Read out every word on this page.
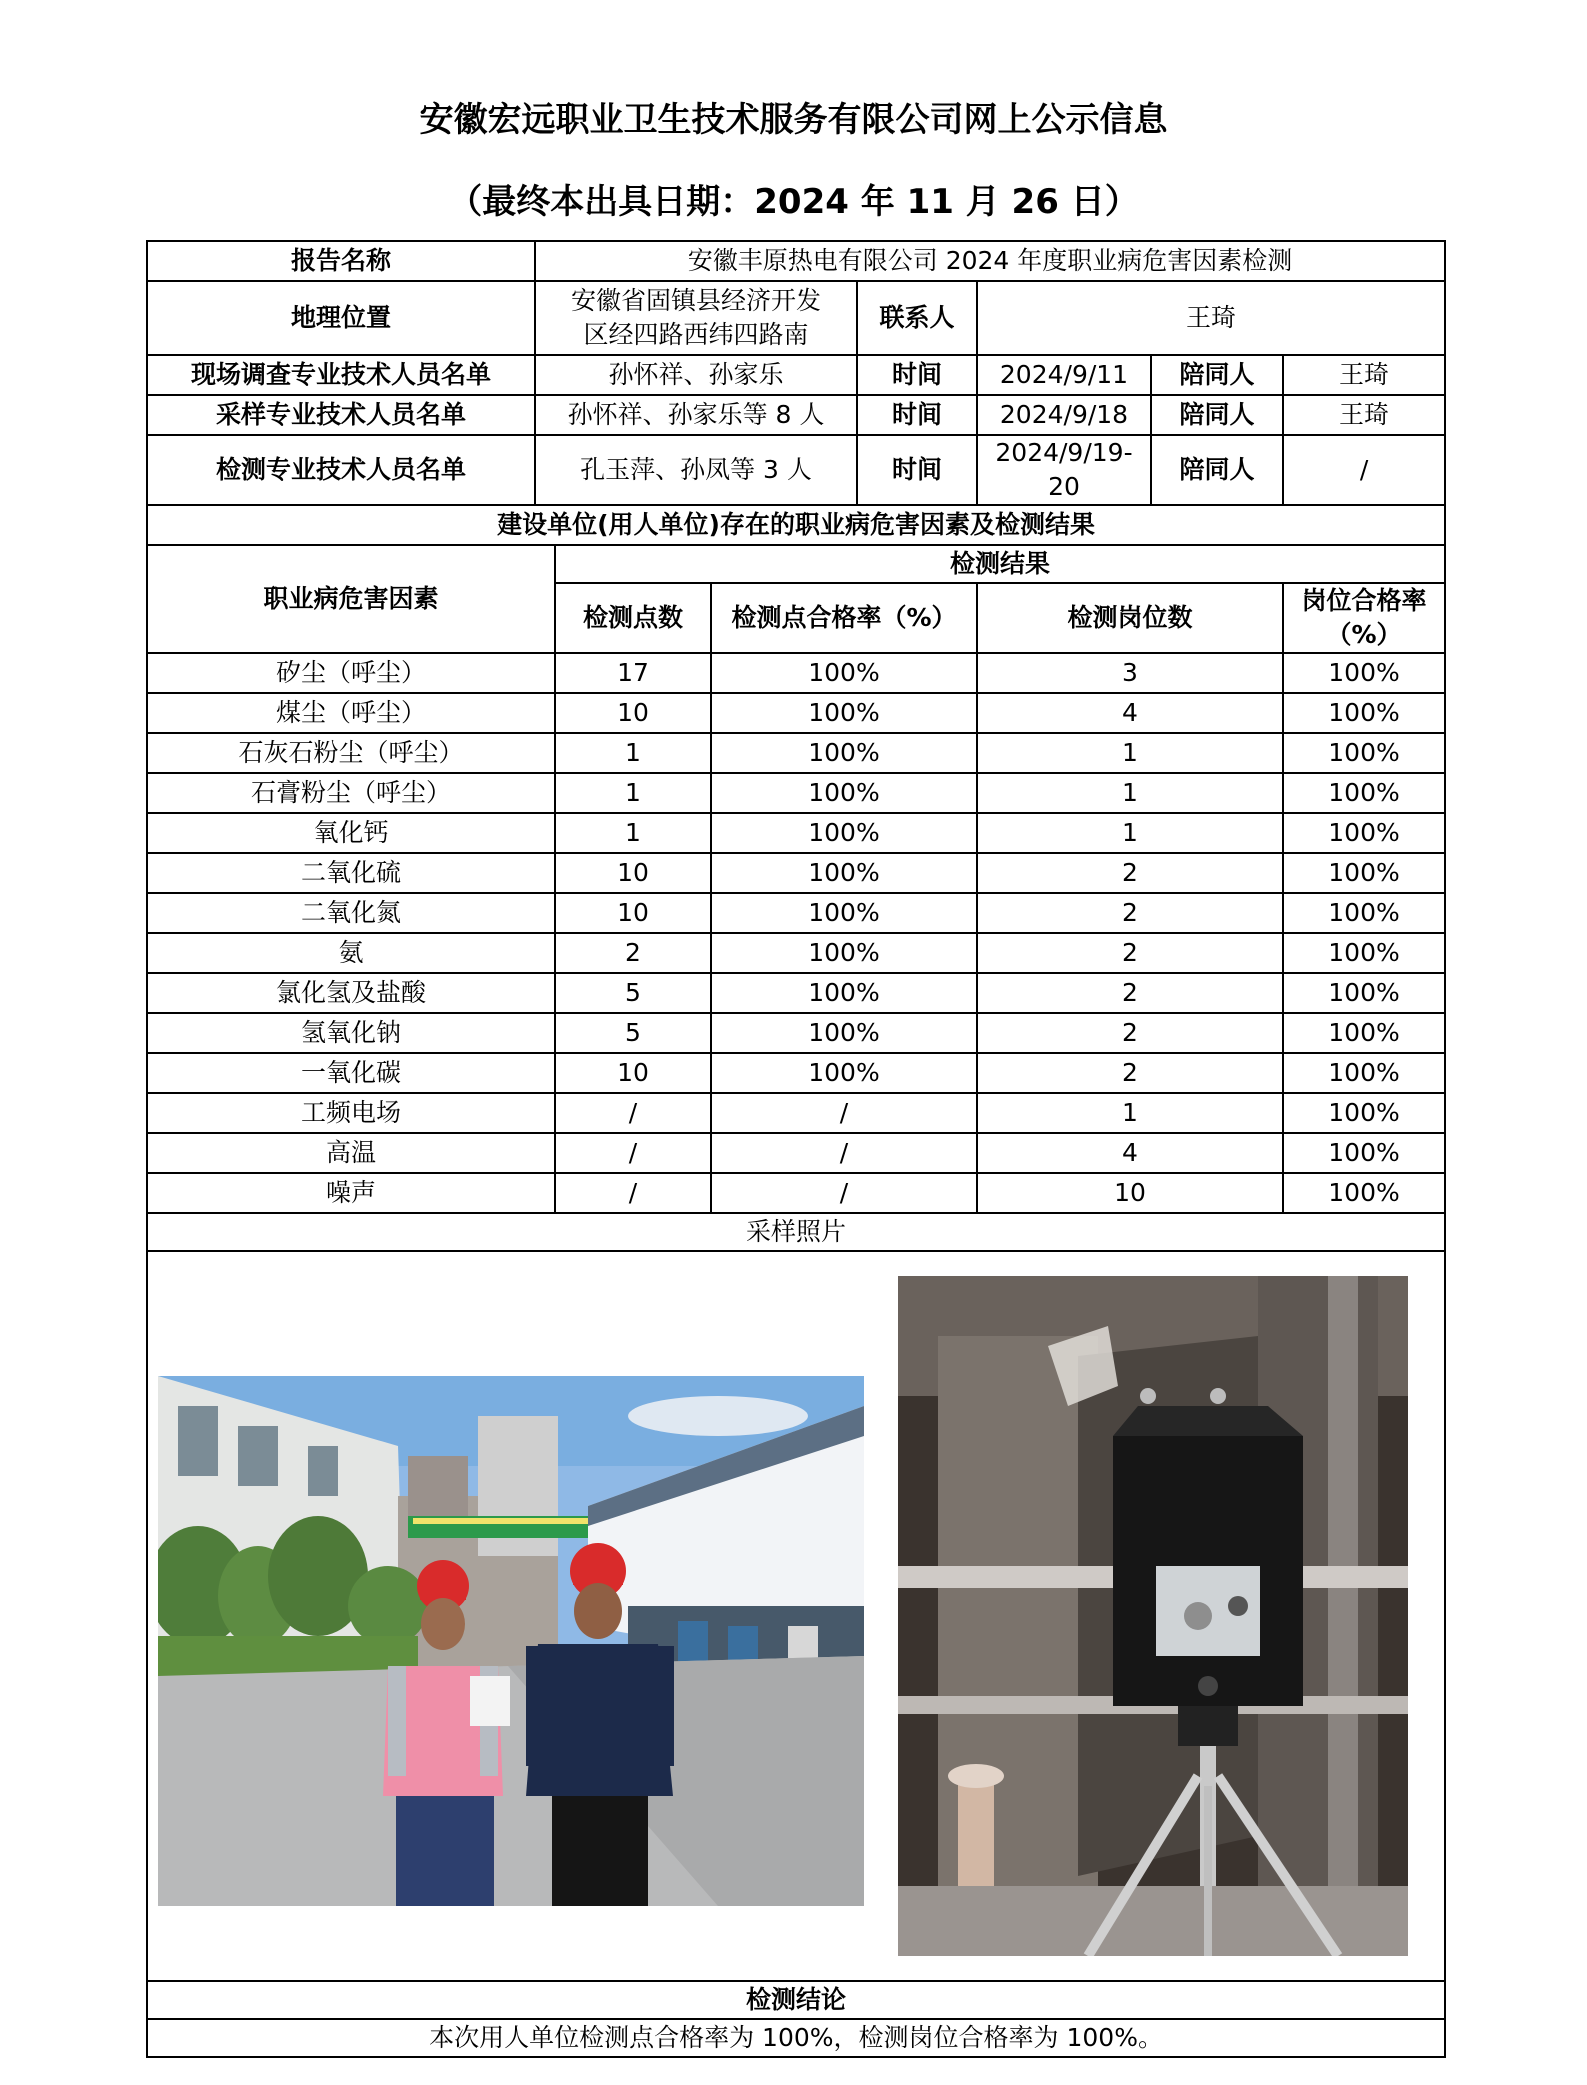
安徽宏远职业卫生技术服务有限公司网上公示信息
（最终本出具日期：2024 年 11 月 26 日）
报告名称	安徽丰原热电有限公司 2024 年度职业病危害因素检测						
地理位置	安徽省固镇县经济开发
区经四路西纬四路南			联系人	王琦		
现场调查专业技术人员名单	孙怀祥、孙家乐			时间	2024/9/11	陪同人	王琦
采样专业技术人员名单	孙怀祥、孙家乐等 8 人			时间	2024/9/18	陪同人	王琦
检测专业技术人员名单	孔玉萍、孙凤等 3 人			时间	2024/9/19-20	陪同人	/
建设单位(用人单位)存在的职业病危害因素及检测结果							
职业病危害因素		检测结果					
		检测点数	检测点合格率（%）		检测岗位数		岗位合格率（%）
矽尘（呼尘）		17	100%		3		100%
煤尘（呼尘）		10	100%		4		100%
石灰石粉尘（呼尘）		1	100%		1		100%
石膏粉尘（呼尘）		1	100%		1		100%
氧化钙		1	100%		1		100%
二氧化硫		10	100%		2		100%
二氧化氮		10	100%		2		100%
氨		2	100%		2		100%
氯化氢及盐酸		5	100%		2		100%
氢氧化钠		5	100%		2		100%
一氧化碳		10	100%		2		100%
工频电场		/	/		1		100%
高温		/	/		4		100%
噪声		/	/		10		100%
采样照片							

检测结论							
本次用人单位检测点合格率为 100%，检测岗位合格率为 100%。							
